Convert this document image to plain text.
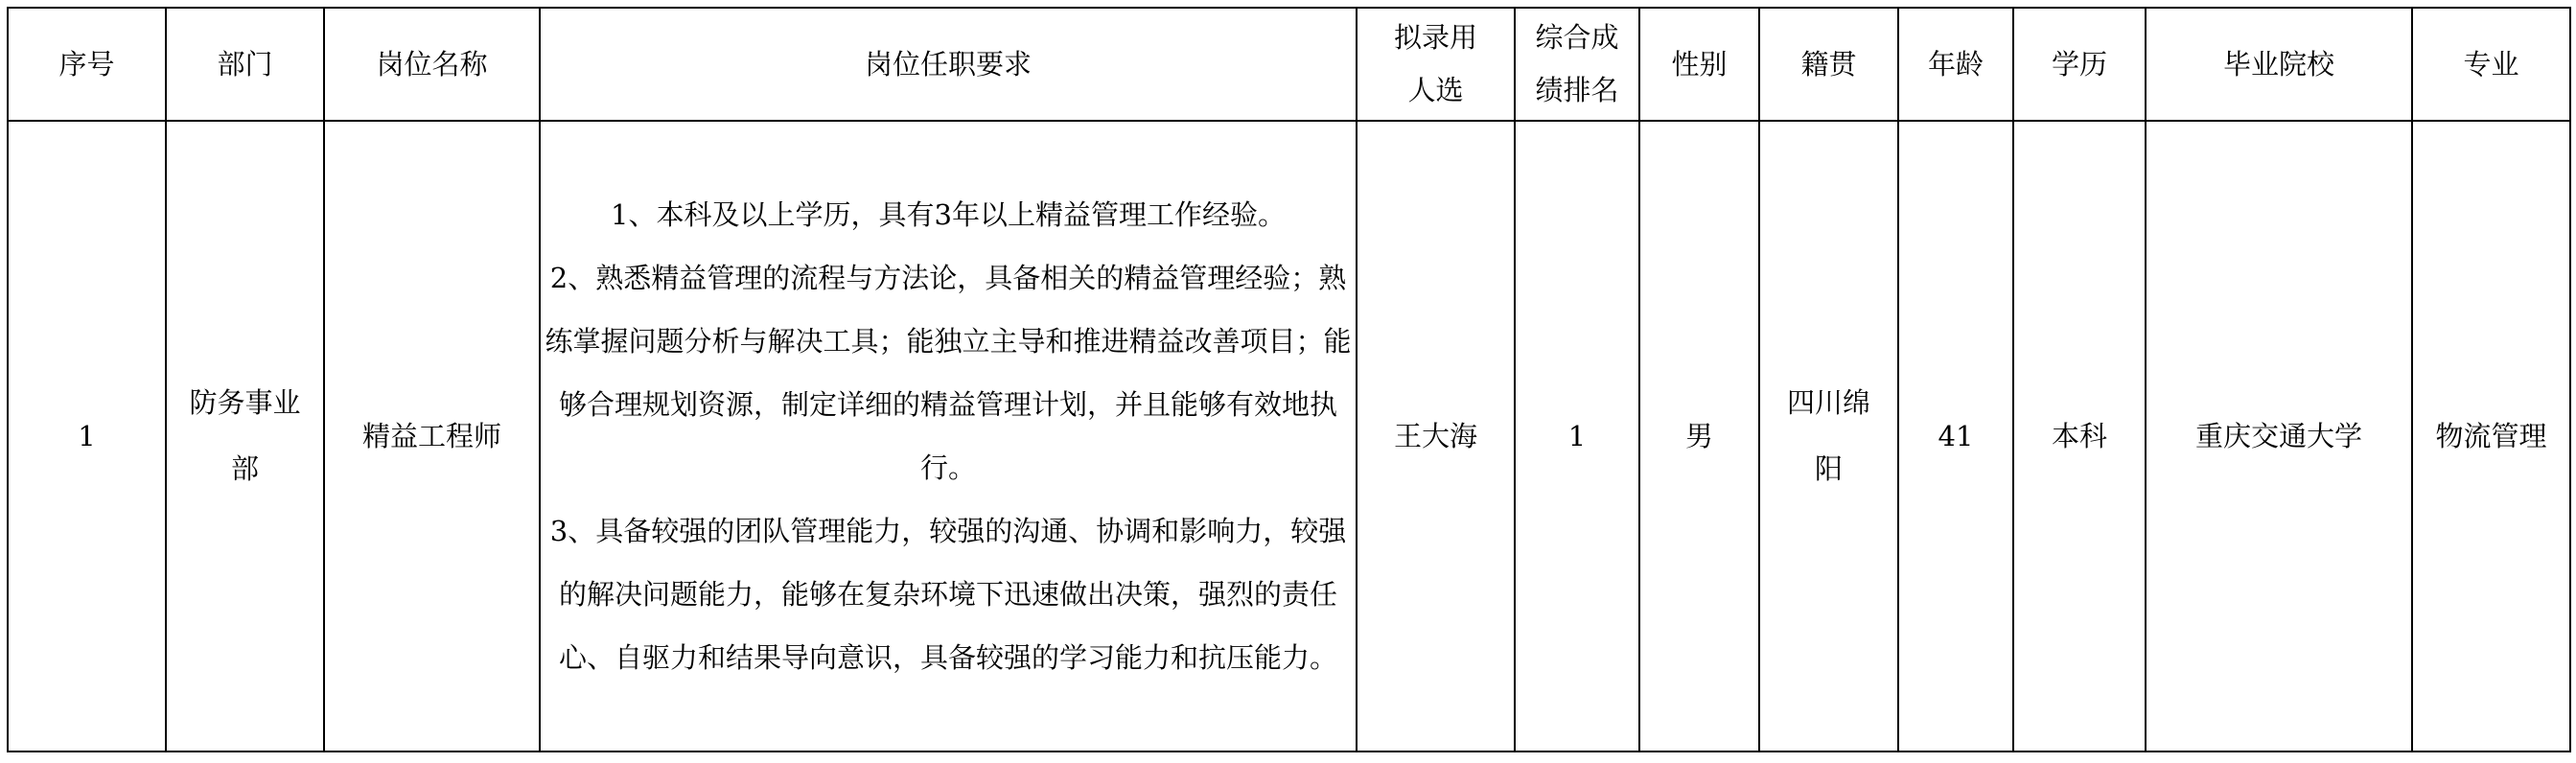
序号	部门	岗位名称	岗位任职要求	拟录用人选	综合成绩排名	性别	籍贯	年龄	学历	毕业院校	专业
1	防务事业部	精益工程师	1、本科及以上学历，具有3年以上精益管理工作经验。
2、熟悉精益管理的流程与方法论，具备相关的精益管理经验；熟练掌握问题分析与解决工具；能独立主导和推进精益改善项目；能够合理规划资源，制定详细的精益管理计划，并且能够有效地执行。
3、具备较强的团队管理能力，较强的沟通、协调和影响力，较强的解决问题能力，能够在复杂环境下迅速做出决策，强烈的责任心、自驱力和结果导向意识，具备较强的学习能力和抗压能力。	王大海	1	男	四川绵阳	41	本科	重庆交通大学	物流管理
